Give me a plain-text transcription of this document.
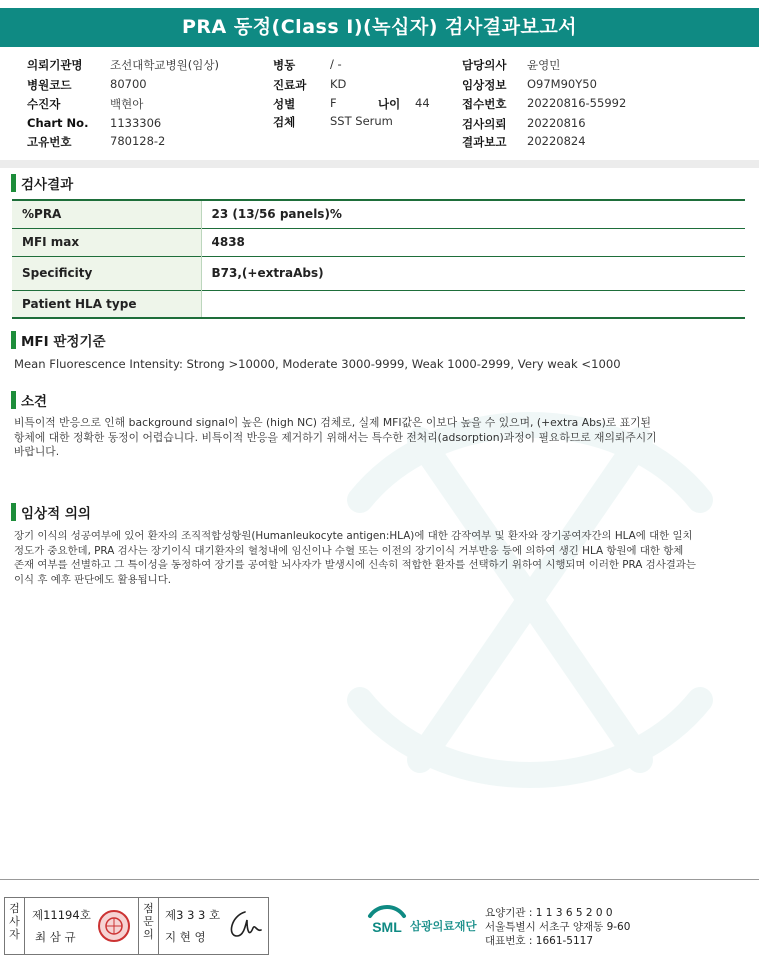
PRA 동정(Class I)(녹십자) 검사결과보고서
의뢰기관명 조선대학교병원(임상)
병원코드	80700
수진자	백현아
Chart No. 1133306
고유번호	780128-2
병동	/ -
진료과 KD
성별	F	나이 44
검체	SST Serum
담당의사 윤영민
임상정보 O97M90Y50
접수번호 20220816-55992
검사의뢰 20220816
결과보고 20220824
검사결과
%PRA	23 (13/56 panels)%
MFI max	4838
Specificity	B73,(+extraAbs)
Patient HLA type	
MFI 판정기준
Mean Fluorescence Intensity: Strong >10000, Moderate 3000-9999, Weak 1000-2999, Very weak <1000
소견
비특이적 반응으로 인해 background signal이 높은 (high NC) 검체로, 실제 MFI값은 이보다 높을 수 있으며, (+extra Abs)로 표기된
항체에 대한 정확한 동정이 어렵습니다. 비특이적 반응을 제거하기 위해서는 특수한 전처리(adsorption)과정이 필요하므로 재의뢰주시기
바랍니다.
임상적 의의
장기 이식의 성공여부에 있어 환자의 조직적합성항원(Humanleukocyte antigen:HLA)에 대한 감작여부 및 환자와 장기공여자간의 HLA에 대한 일치
정도가 중요한데, PRA 검사는 장기이식 대기환자의 혈청내에 임신이나 수혈 또는 이전의 장기이식 거부반응 등에 의하여 생긴 HLA 항원에 대한 항체
존재 여부를 선별하고 그 특이성을 동정하여 장기를 공여할 뇌사자가 발생시에 신속히 적합한 환자를 선택하기 위하여 시행되며 이러한 PRA 검사결과는
이식 후 예후 판단에도 활용됩니다.
검사자
제11194호
최 삼 규
점문의
제3 3 3 호
지 현 영
SML 삼광의료재단
요양기관 : 1 1 3 6 5 2 0 0
서울특별시 서초구 양재동 9-60
대표번호 : 1661-5117
